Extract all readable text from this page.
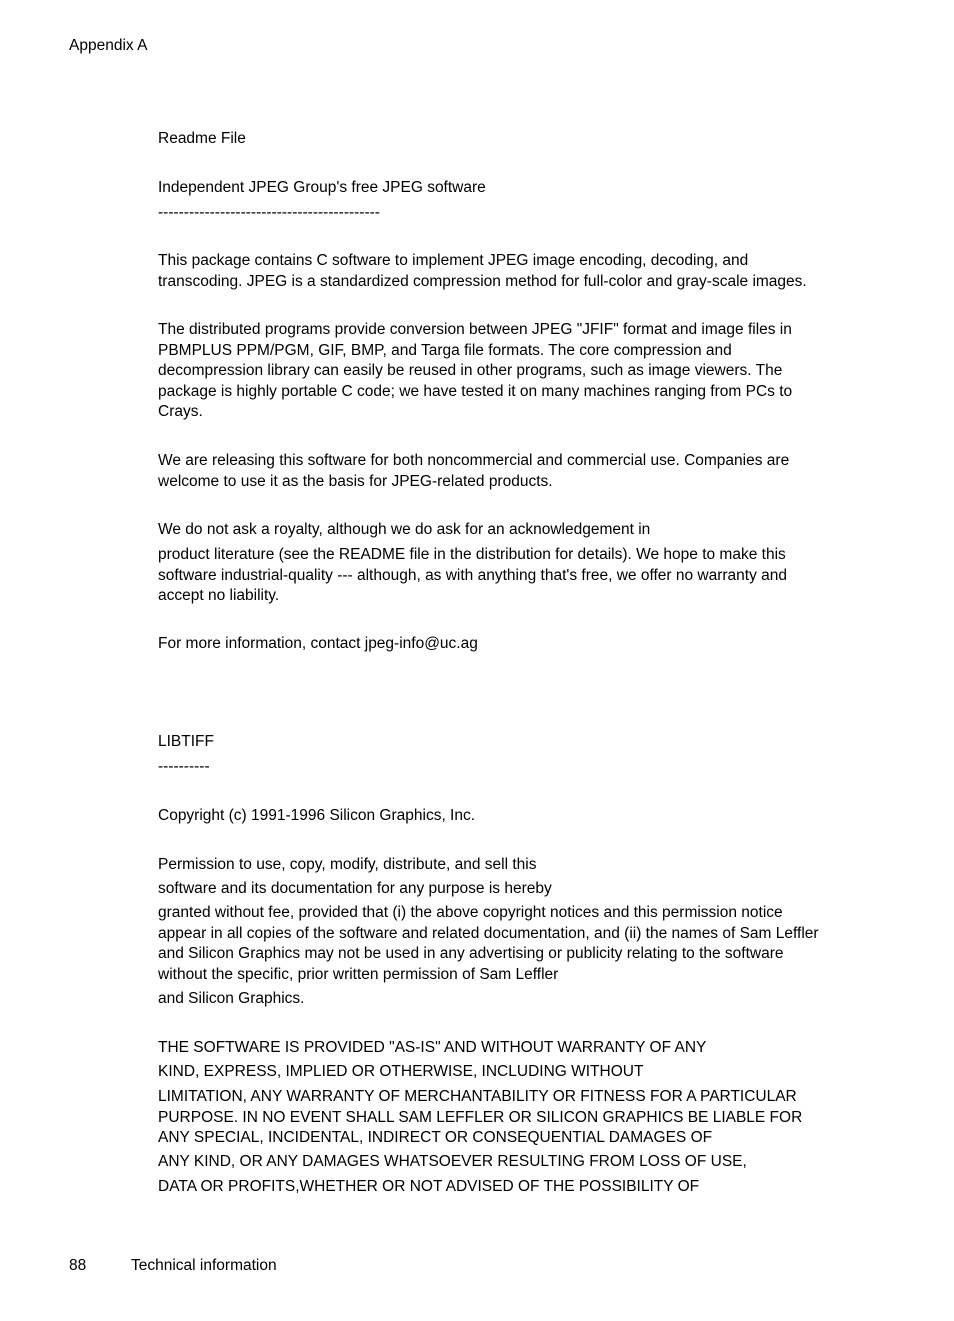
Appendix A

Readme File

Independent JPEG Group's free JPEG software

-------------------------------------------

This package contains C software to implement JPEG image encoding, decoding, and
transcoding. JPEG is a standardized compression method for full-color and gray-scale images.
The distributed programs provide conversion between JPEG "JFIF" format and image files in
PBMPLUS PPM/PGM, GIF, BMP, and Targa file formats. The core compression and
decompression library can easily be reused in other programs, such as image viewers. The
package is highly portable C code; we have tested it on many machines ranging from PCs to
Crays.
We are releasing this software for both noncommercial and commercial use. Companies are
welcome to use it as the basis for JPEG-related products.

We do not ask a royalty, although we do ask for an acknowledgement in

product literature (see the README file in the distribution for details). We hope to make this
software industrial-quality --- although, as with anything that's free, we offer no warranty and
accept no liability.

For more information, contact jpeg-info@uc.ag

LIBTIFF

----------

Copyright (c) 1991-1996 Silicon Graphics, Inc.

Permission to use, copy, modify, distribute, and sell this

software and its documentation for any purpose is hereby

granted without fee, provided that (i) the above copyright notices and this permission notice
appear in all copies of the software and related documentation, and (ii) the names of Sam Leffler
and Silicon Graphics may not be used in any advertising or publicity relating to the software
without the specific, prior written permission of Sam Leffler

and Silicon Graphics.

THE SOFTWARE IS PROVIDED "AS-IS" AND WITHOUT WARRANTY OF ANY

KIND, EXPRESS, IMPLIED OR OTHERWISE, INCLUDING WITHOUT

LIMITATION, ANY WARRANTY OF MERCHANTABILITY OR FITNESS FOR A PARTICULAR
PURPOSE. IN NO EVENT SHALL SAM LEFFLER OR SILICON GRAPHICS BE LIABLE FOR
ANY SPECIAL, INCIDENTAL, INDIRECT OR CONSEQUENTIAL DAMAGES OF

ANY KIND, OR ANY DAMAGES WHATSOEVER RESULTING FROM LOSS OF USE,

DATA OR PROFITS,WHETHER OR NOT ADVISED OF THE POSSIBILITY OF

88	Technical information
